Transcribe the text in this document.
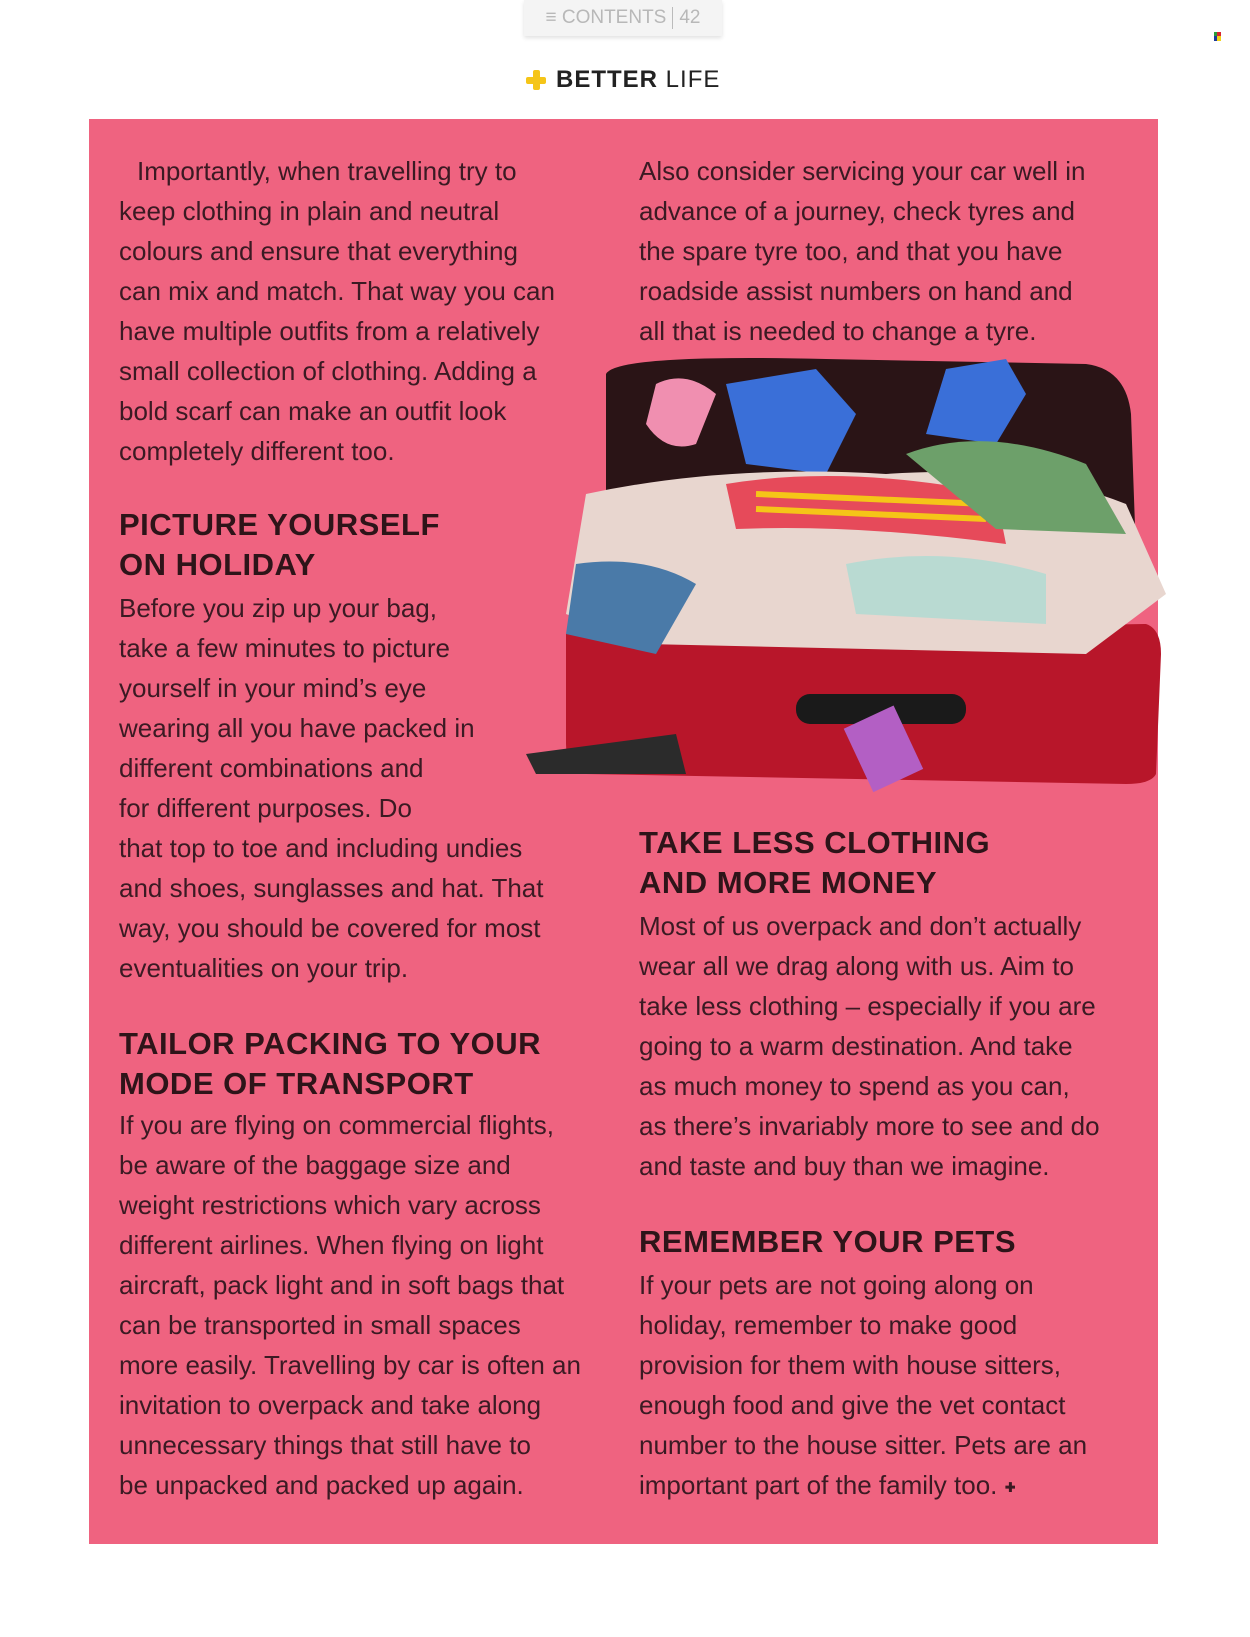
≡ CONTENTS 42
BETTER LIFE
Importantly, when travelling try to
keep clothing in plain and neutral
colours and ensure that everything
can mix and match. That way you can
have multiple outfits from a relatively
small collection of clothing. Adding a
bold scarf can make an outfit look
completely different too.
PICTURE YOURSELF
ON HOLIDAY
Before you zip up your bag,
take a few minutes to picture
yourself in your mind’s eye
wearing all you have packed in
different combinations and
for different purposes. Do
that top to toe and including undies
and shoes, sunglasses and hat. That
way, you should be covered for most
eventualities on your trip.
TAILOR PACKING TO YOUR
MODE OF TRANSPORT
If you are flying on commercial flights,
be aware of the baggage size and
weight restrictions which vary across
different airlines. When flying on light
aircraft, pack light and in soft bags that
can be transported in small spaces
more easily. Travelling by car is often an
invitation to overpack and take along
unnecessary things that still have to
be unpacked and packed up again.
Also consider servicing your car well in
advance of a journey, check tyres and
the spare tyre too, and that you have
roadside assist numbers on hand and
all that is needed to change a tyre.
TAKE LESS CLOTHING
AND MORE MONEY
Most of us overpack and don’t actually
wear all we drag along with us. Aim to
take less clothing – especially if you are
going to a warm destination. And take
as much money to spend as you can,
as there’s invariably more to see and do
and taste and buy than we imagine.
REMEMBER YOUR PETS
If your pets are not going along on
holiday, remember to make good
provision for them with house sitters,
enough food and give the vet contact
number to the house sitter. Pets are an
important part of the family too.
